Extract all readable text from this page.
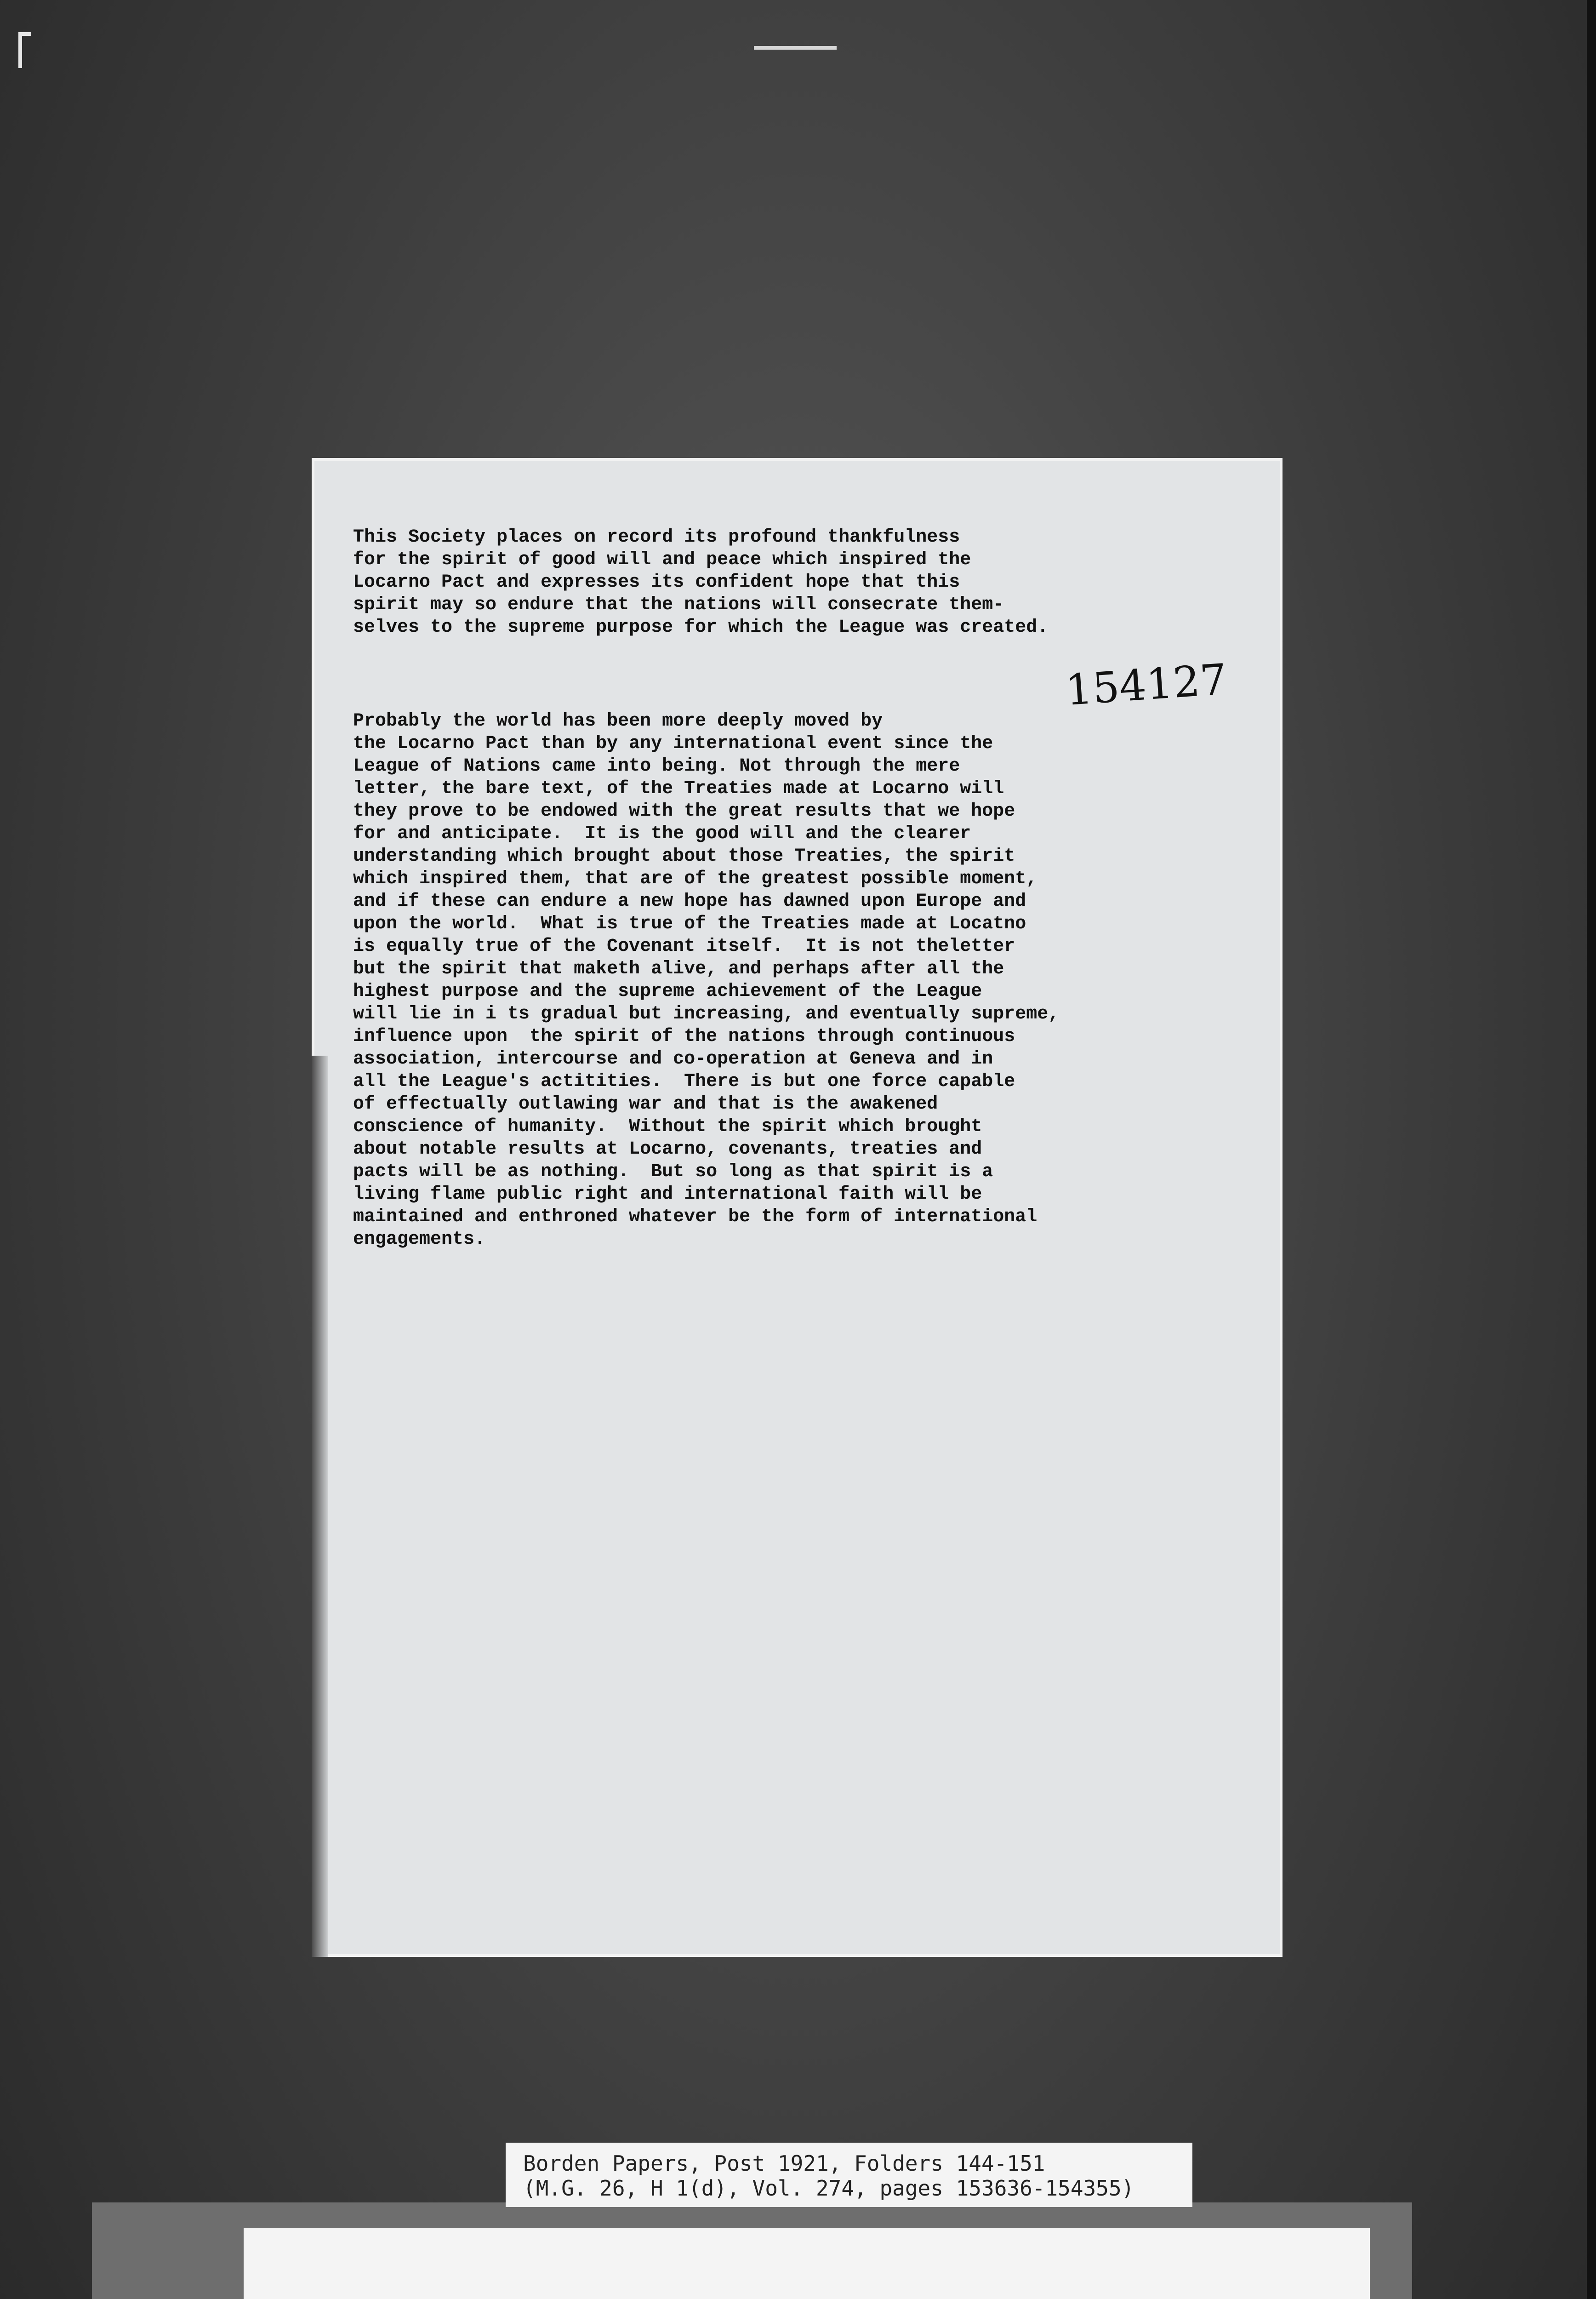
154127

This Society places on record its profound thankfulness
for the spirit of good will and peace which inspired the
Locarno Pact and expresses its confident hope that this
spirit may so endure that the nations will consecrate them-
selves to the supreme purpose for which the League was created.

Probably the world has been more deeply moved by
the Locarno Pact than by any international event since the
League of Nations came into being. Not through the mere
letter, the bare text, of the Treaties made at Locarno will
they prove to be endowed with the great results that we hope
for and anticipate.  It is the good will and the clearer
understanding which brought about those Treaties, the spirit
which inspired them, that are of the greatest possible moment,
and if these can endure a new hope has dawned upon Europe and
upon the world.  What is true of the Treaties made at Locatno
is equally true of the Covenant itself.  It is not theletter
but the spirit that maketh alive, and perhaps after all the
highest purpose and the supreme achievement of the League
will lie in i ts gradual but increasing, and eventually supreme,
influence upon  the spirit of the nations through continuous
association, intercourse and co-operation at Geneva and in
all the League's actitities.  There is but one force capable
of effectually outlawing war and that is the awakened
conscience of humanity.  Without the spirit which brought
about notable results at Locarno, covenants, treaties and
pacts will be as nothing.  But so long as that spirit is a
living flame public right and international faith will be
maintained and enthroned whatever be the form of international
engagements.

Borden Papers, Post 1921, Folders 144-151
(M.G. 26, H 1(d), Vol. 274, pages 153636-154355)
